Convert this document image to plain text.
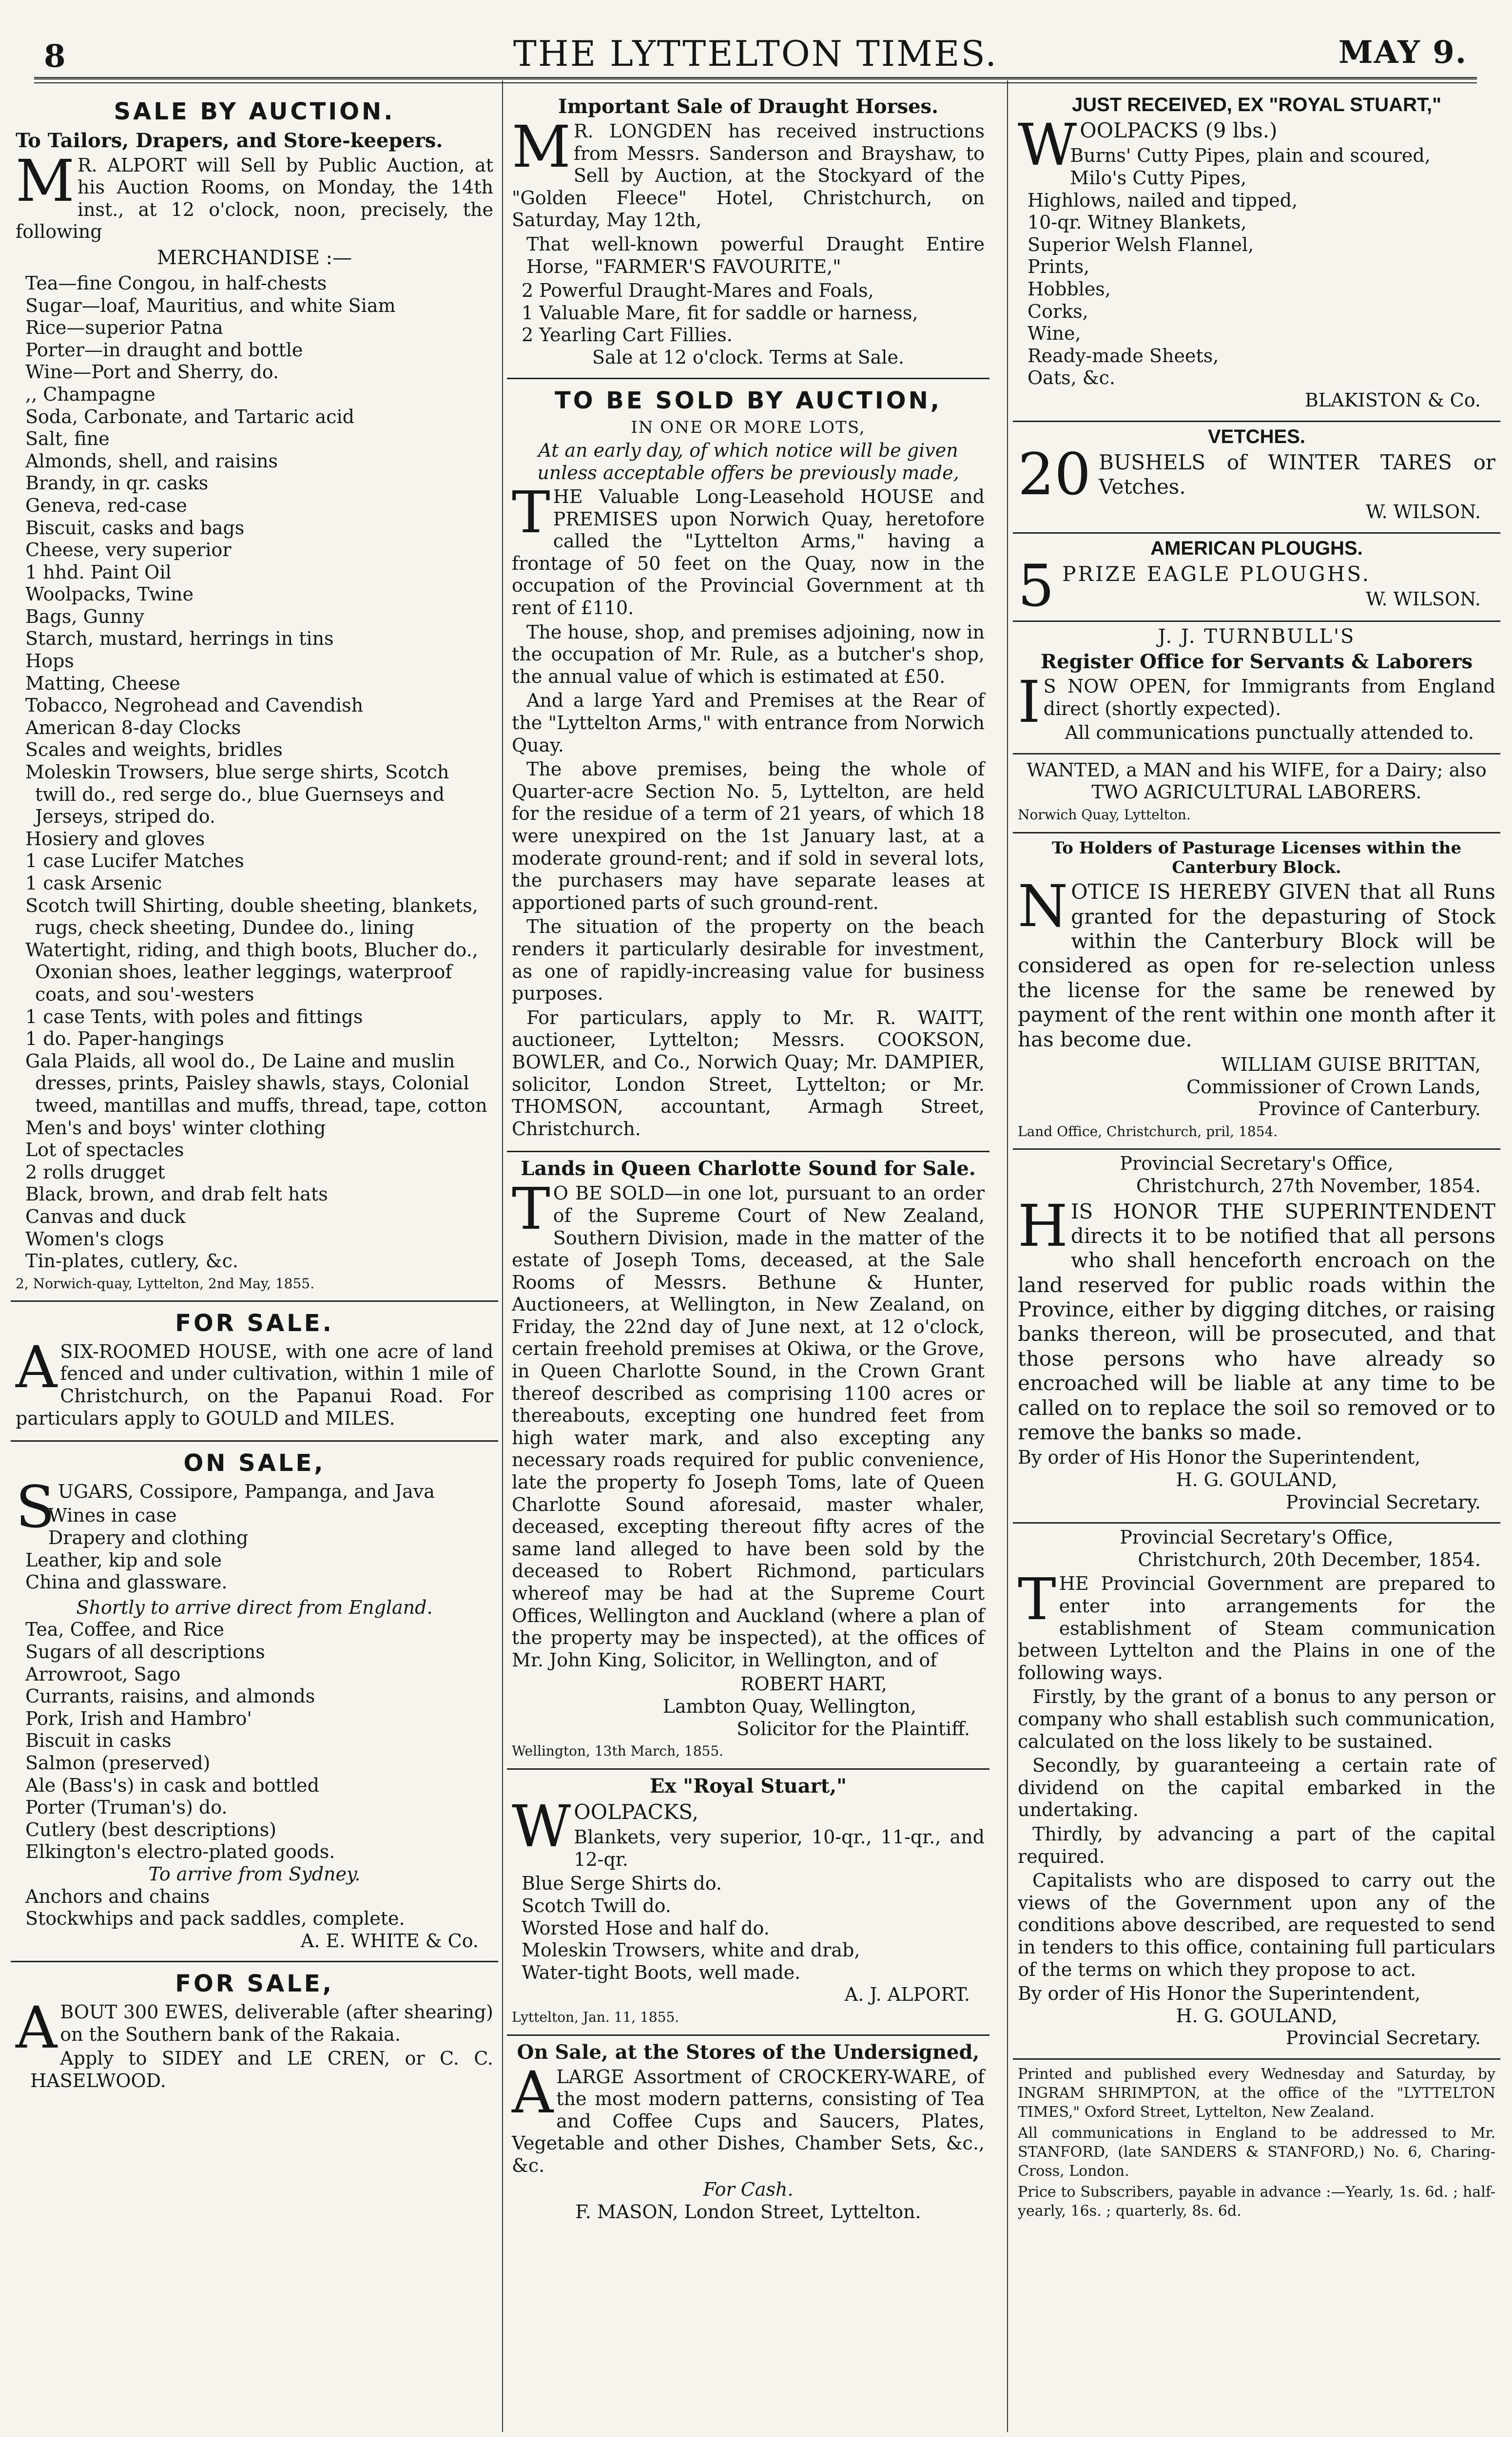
8	THE LYTTELTON TIMES.	MAY 9.
SALE BY AUCTION.
To Tailors, Drapers, and Store-keepers.

MR. ALPORT will Sell by Public Auction, at his Auction Rooms, on Monday, the 14th inst., at 12 o'clock, noon, precisely, the following

MERCHANDISE :—
Tea—fine Congou, in half-chests
Sugar—loaf, Mauritius, and white Siam
Rice—superior Patna
Porter—in draught and bottle
Wine—Port and Sherry, do.
,, Champagne
Soda, Carbonate, and Tartaric acid
Salt, fine
Almonds, shell, and raisins
Brandy, in qr. casks
Geneva, red-case
Biscuit, casks and bags
Cheese, very superior
1 hhd. Paint Oil
Woolpacks, Twine
Bags, Gunny
Starch, mustard, herrings in tins
Hops
Matting, Cheese
Tobacco, Negrohead and Cavendish
American 8-day Clocks
Scales and weights, bridles
Moleskin Trowsers, blue serge shirts, Scotch twill do., red serge do., blue Guernseys and Jerseys, striped do.
Hosiery and gloves
1 case Lucifer Matches
1 cask Arsenic
Scotch twill Shirting, double sheeting, blankets, rugs, check sheeting, Dundee do., lining
Watertight, riding, and thigh boots, Blucher do., Oxonian shoes, leather leggings, waterproof coats, and sou'-westers
1 case Tents, with poles and fittings
1 do. Paper-hangings
Gala Plaids, all wool do., De Laine and muslin dresses, prints, Paisley shawls, stays, Colonial tweed, mantillas and muffs, thread, tape, cotton
Men's and boys' winter clothing
Lot of spectacles
2 rolls drugget
Black, brown, and drab felt hats
Canvas and duck
Women's clogs
Tin-plates, cutlery, &c.
2, Norwich-quay, Lyttelton, 2nd May, 1855.
FOR SALE.

ASIX-ROOMED HOUSE, with one acre of land fenced and under cultivation, within 1 mile of Christchurch, on the Papanui Road. For particulars apply to GOULD and MILES.

ON SALE,

SUGARS, Cossipore, Pampanga, and Java

Wines in case
Drapery and clothing
Leather, kip and sole
China and glassware.
Shortly to arrive direct from England.
Tea, Coffee, and Rice
Sugars of all descriptions
Arrowroot, Sago
Currants, raisins, and almonds
Pork, Irish and Hambro'
Biscuit in casks
Salmon (preserved)
Ale (Bass's) in cask and bottled
Porter (Truman's) do.
Cutlery (best descriptions)
Elkington's electro-plated goods.
To arrive from Sydney.
Anchors and chains
Stockwhips and pack saddles, complete.
A. E. WHITE & Co.
FOR SALE,

ABOUT 300 EWES, deliverable (after shearing) on the Southern bank of the Rakaia.

Apply to SIDEY and LE CREN, or C. C. HASELWOOD.

Important Sale of Draught Horses.

MR. LONGDEN has received instructions from Messrs. Sanderson and Brayshaw, to Sell by Auction, at the Stockyard of the "Golden Fleece" Hotel, Christchurch, on Saturday, May 12th,

That well-known powerful Draught Entire Horse, "FARMER'S FAVOURITE,"

2 Powerful Draught-Mares and Foals,
1 Valuable Mare, fit for saddle or harness,
2 Yearling Cart Fillies.
Sale at 12 o'clock. Terms at Sale.
TO BE SOLD BY AUCTION,
IN ONE OR MORE LOTS,

At an early day, of which notice will be given unless acceptable offers be previously made,

THE Valuable Long-Leasehold HOUSE and PREMISES upon Norwich Quay, heretofore called the "Lyttelton Arms," having a frontage of 50 feet on the Quay, now in the occupation of the Provincial Government at th rent of £110.

The house, shop, and premises adjoining, now in the occupation of Mr. Rule, as a butcher's shop, the annual value of which is estimated at £50.

And a large Yard and Premises at the Rear of the "Lyttelton Arms," with entrance from Norwich Quay.

The above premises, being the whole of Quarter-acre Section No. 5, Lyttelton, are held for the residue of a term of 21 years, of which 18 were unexpired on the 1st January last, at a moderate ground-rent; and if sold in several lots, the purchasers may have separate leases at apportioned parts of such ground-rent.

The situation of the property on the beach renders it particularly desirable for investment, as one of rapidly-increasing value for business purposes.

For particulars, apply to Mr. R. WAITT, auctioneer, Lyttelton; Messrs. COOKSON, BOWLER, and Co., Norwich Quay; Mr. DAMPIER, solicitor, London Street, Lyttelton; or Mr. THOMSON, accountant, Armagh Street, Christchurch.

Lands in Queen Charlotte Sound for Sale.

TO BE SOLD—in one lot, pursuant to an order of the Supreme Court of New Zealand, Southern Division, made in the matter of the estate of Joseph Toms, deceased, at the Sale Rooms of Messrs. Bethune & Hunter, Auctioneers, at Wellington, in New Zealand, on Friday, the 22nd day of June next, at 12 o'clock, certain freehold premises at Okiwa, or the Grove, in Queen Charlotte Sound, in the Crown Grant thereof described as comprising 1100 acres or thereabouts, excepting one hundred feet from high water mark, and also excepting any necessary roads required for public convenience, late the property fo Joseph Toms, late of Queen Charlotte Sound aforesaid, master whaler, deceased, excepting thereout fifty acres of the same land alleged to have been sold by the deceased to Robert Richmond, particulars whereof may be had at the Supreme Court Offices, Wellington and Auckland (where a plan of the property may be inspected), at the offices of Mr. John King, Solicitor, in Wellington, and of

ROBERT HART,
Lambton Quay, Wellington,
Solicitor for the Plaintiff.
Wellington, 13th March, 1855.
Ex "Royal Stuart,"

WOOLPACKS,

Blankets, very superior, 10-qr., 11-qr., and 12-qr.

Blue Serge Shirts do.
Scotch Twill do.
Worsted Hose and half do.
Moleskin Trowsers, white and drab,
Water-tight Boots, well made.
A. J. ALPORT.
Lyttelton, Jan. 11, 1855.
On Sale, at the Stores of the Undersigned,

ALARGE Assortment of CROCKERY-WARE, of the most modern patterns, consisting of Tea and Coffee Cups and Saucers, Plates, Vegetable and other Dishes, Chamber Sets, &c., &c.

For Cash.
F. MASON, London Street, Lyttelton.
JUST RECEIVED, EX "ROYAL STUART,"

WOOLPACKS (9 lbs.)

Burns' Cutty Pipes, plain and scoured,
Milo's Cutty Pipes,
Highlows, nailed and tipped,
10-qr. Witney Blankets,
Superior Welsh Flannel,
Prints,
Hobbles,
Corks,
Wine,
Ready-made Sheets,
Oats, &c.
BLAKISTON & Co.
VETCHES.
20 BUSHELS of WINTER TARES or Vetches.

W. WILSON.
AMERICAN PLOUGHS.
5 PRIZE EAGLE PLOUGHS.

W. WILSON.
J. J. TURNBULL'S
Register Office for Servants & Laborers

IS NOW OPEN, for Immigrants from England direct (shortly expected).

All communications punctually attended to.

WANTED, a MAN and his WIFE, for a Dairy; also TWO AGRICULTURAL LABORERS.

Norwich Quay, Lyttelton.
To Holders of Pasturage Licenses within the Canterbury Block.

NOTICE IS HEREBY GIVEN that all Runs granted for the depasturing of Stock within the Canterbury Block will be considered as open for re-selection unless the license for the same be renewed by payment of the rent within one month after it has become due.

WILLIAM GUISE BRITTAN,
Commissioner of Crown Lands,
Province of Canterbury.
Land Office, Christchurch, pril, 1854.
Provincial Secretary's Office,
Christchurch, 27th November, 1854.

HIS HONOR THE SUPERINTENDENT directs it to be notified that all persons who shall henceforth encroach on the land reserved for public roads within the Province, either by digging ditches, or raising banks thereon, will be prosecuted, and that those persons who have already so encroached will be liable at any time to be called on to replace the soil so removed or to remove the banks so made.

By order of His Honor the Superintendent,
H. G. GOULAND,
Provincial Secretary.
Provincial Secretary's Office,
Christchurch, 20th December, 1854.

THE Provincial Government are prepared to enter into arrangements for the establishment of Steam communication between Lyttelton and the Plains in one of the following ways.

Firstly, by the grant of a bonus to any person or company who shall establish such communication, calculated on the loss likely to be sustained.

Secondly, by guaranteeing a certain rate of dividend on the capital embarked in the undertaking.

Thirdly, by advancing a part of the capital required.

Capitalists who are disposed to carry out the views of the Government upon any of the conditions above described, are requested to send in tenders to this office, containing full particulars of the terms on which they propose to act.

By order of His Honor the Superintendent,
H. G. GOULAND,
Provincial Secretary.

Printed and published every Wednesday and Saturday, by INGRAM SHRIMPTON, at the office of the "LYTTELTON TIMES," Oxford Street, Lyttelton, New Zealand.

All communications in England to be addressed to Mr. STANFORD, (late SANDERS & STANFORD,) No. 6, Charing-Cross, London.

Price to Subscribers, payable in advance :—Yearly, 1s. 6d. ; half-yearly, 16s. ; quarterly, 8s. 6d.
